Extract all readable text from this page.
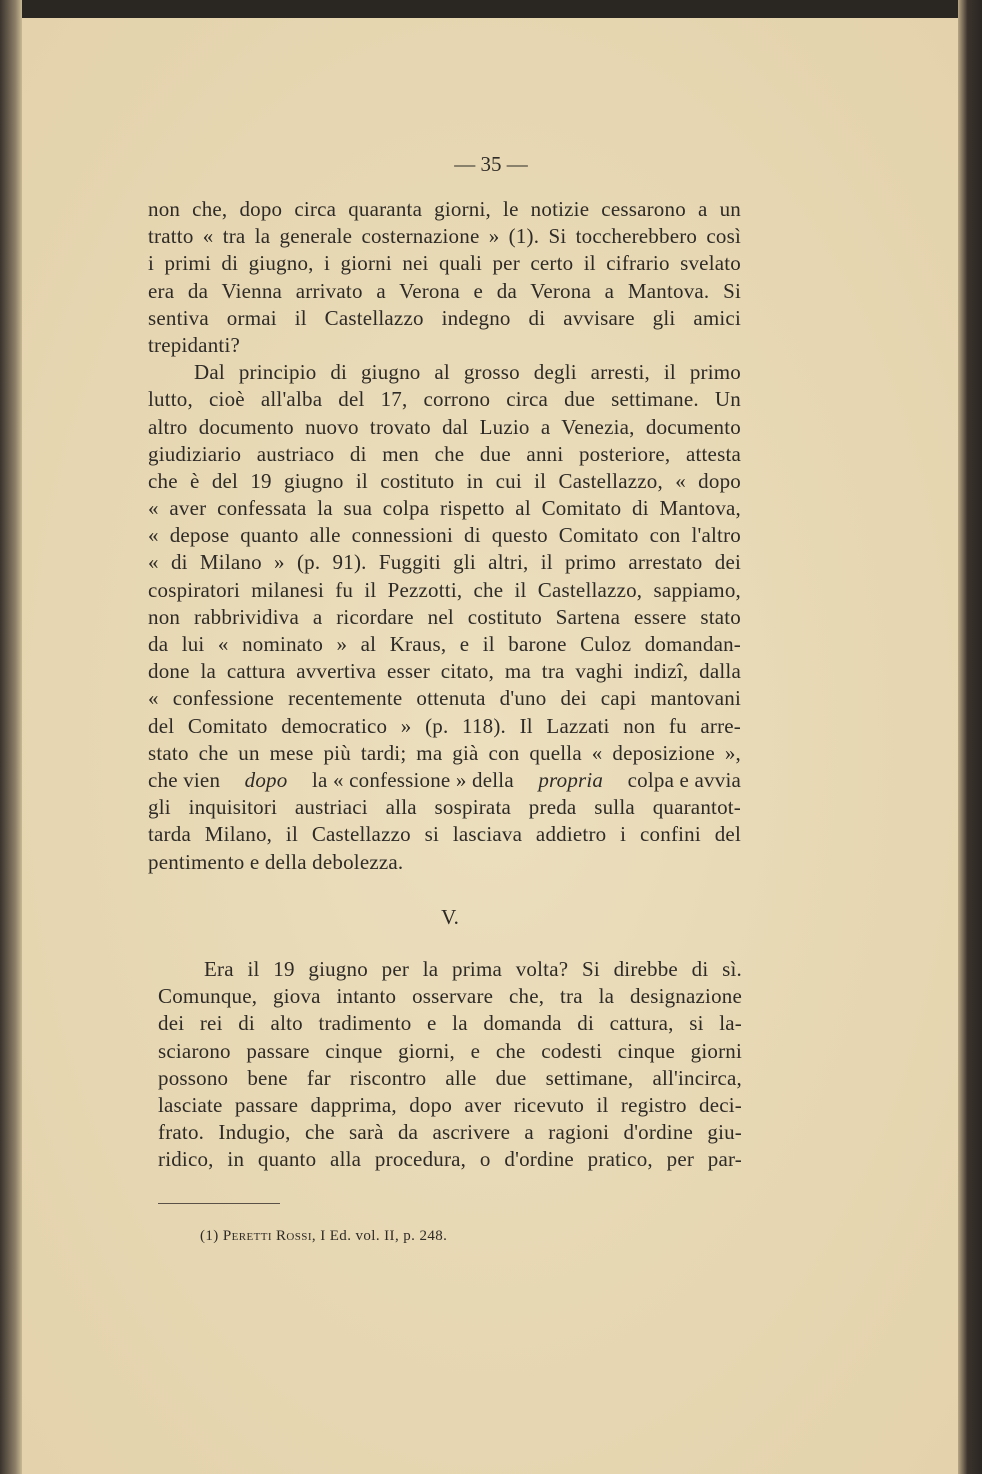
— 35 —
non che, dopo circa quaranta giorni, le notizie cessarono a un
tratto « tra la generale costernazione » (1). Si toccherebbero così
i primi di giugno, i giorni nei quali per certo il cifrario svelato
era da Vienna arrivato a Verona e da Verona a Mantova. Si
sentiva ormai il Castellazzo indegno di avvisare gli amici
trepidanti?
Dal principio di giugno al grosso degli arresti, il primo
lutto, cioè all'alba del 17, corrono circa due settimane. Un
altro documento nuovo trovato dal Luzio a Venezia, documento
giudiziario austriaco di men che due anni posteriore, attesta
che è del 19 giugno il costituto in cui il Castellazzo, « dopo
« aver confessata la sua colpa rispetto al Comitato di Mantova,
« depose quanto alle connessioni di questo Comitato con l'altro
« di Milano » (p. 91). Fuggiti gli altri, il primo arrestato dei
cospiratori milanesi fu il Pezzotti, che il Castellazzo, sappiamo,
non rabbrividiva a ricordare nel costituto Sartena essere stato
da lui « nominato » al Kraus, e il barone Culoz domandan-
done la cattura avvertiva esser citato, ma tra vaghi indizî, dalla
« confessione recentemente ottenuta d'uno dei capi mantovani
del Comitato democratico » (p. 118). Il Lazzati non fu arre-
stato che un mese più tardi; ma già con quella « deposizione »,
che vien dopo la « confessione » della propria colpa e avvia
gli inquisitori austriaci alla sospirata preda sulla quarantot-
tarda Milano, il Castellazzo si lasciava addietro i confini del
pentimento e della debolezza.
V.
Era il 19 giugno per la prima volta? Si direbbe di sì.
Comunque, giova intanto osservare che, tra la designazione
dei rei di alto tradimento e la domanda di cattura, si la-
sciarono passare cinque giorni, e che codesti cinque giorni
possono bene far riscontro alle due settimane, all'incirca,
lasciate passare dapprima, dopo aver ricevuto il registro deci-
frato. Indugio, che sarà da ascrivere a ragioni d'ordine giu-
ridico, in quanto alla procedura, o d'ordine pratico, per par-
(1) Peretti Rossi, I Ed. vol. II, p. 248.
